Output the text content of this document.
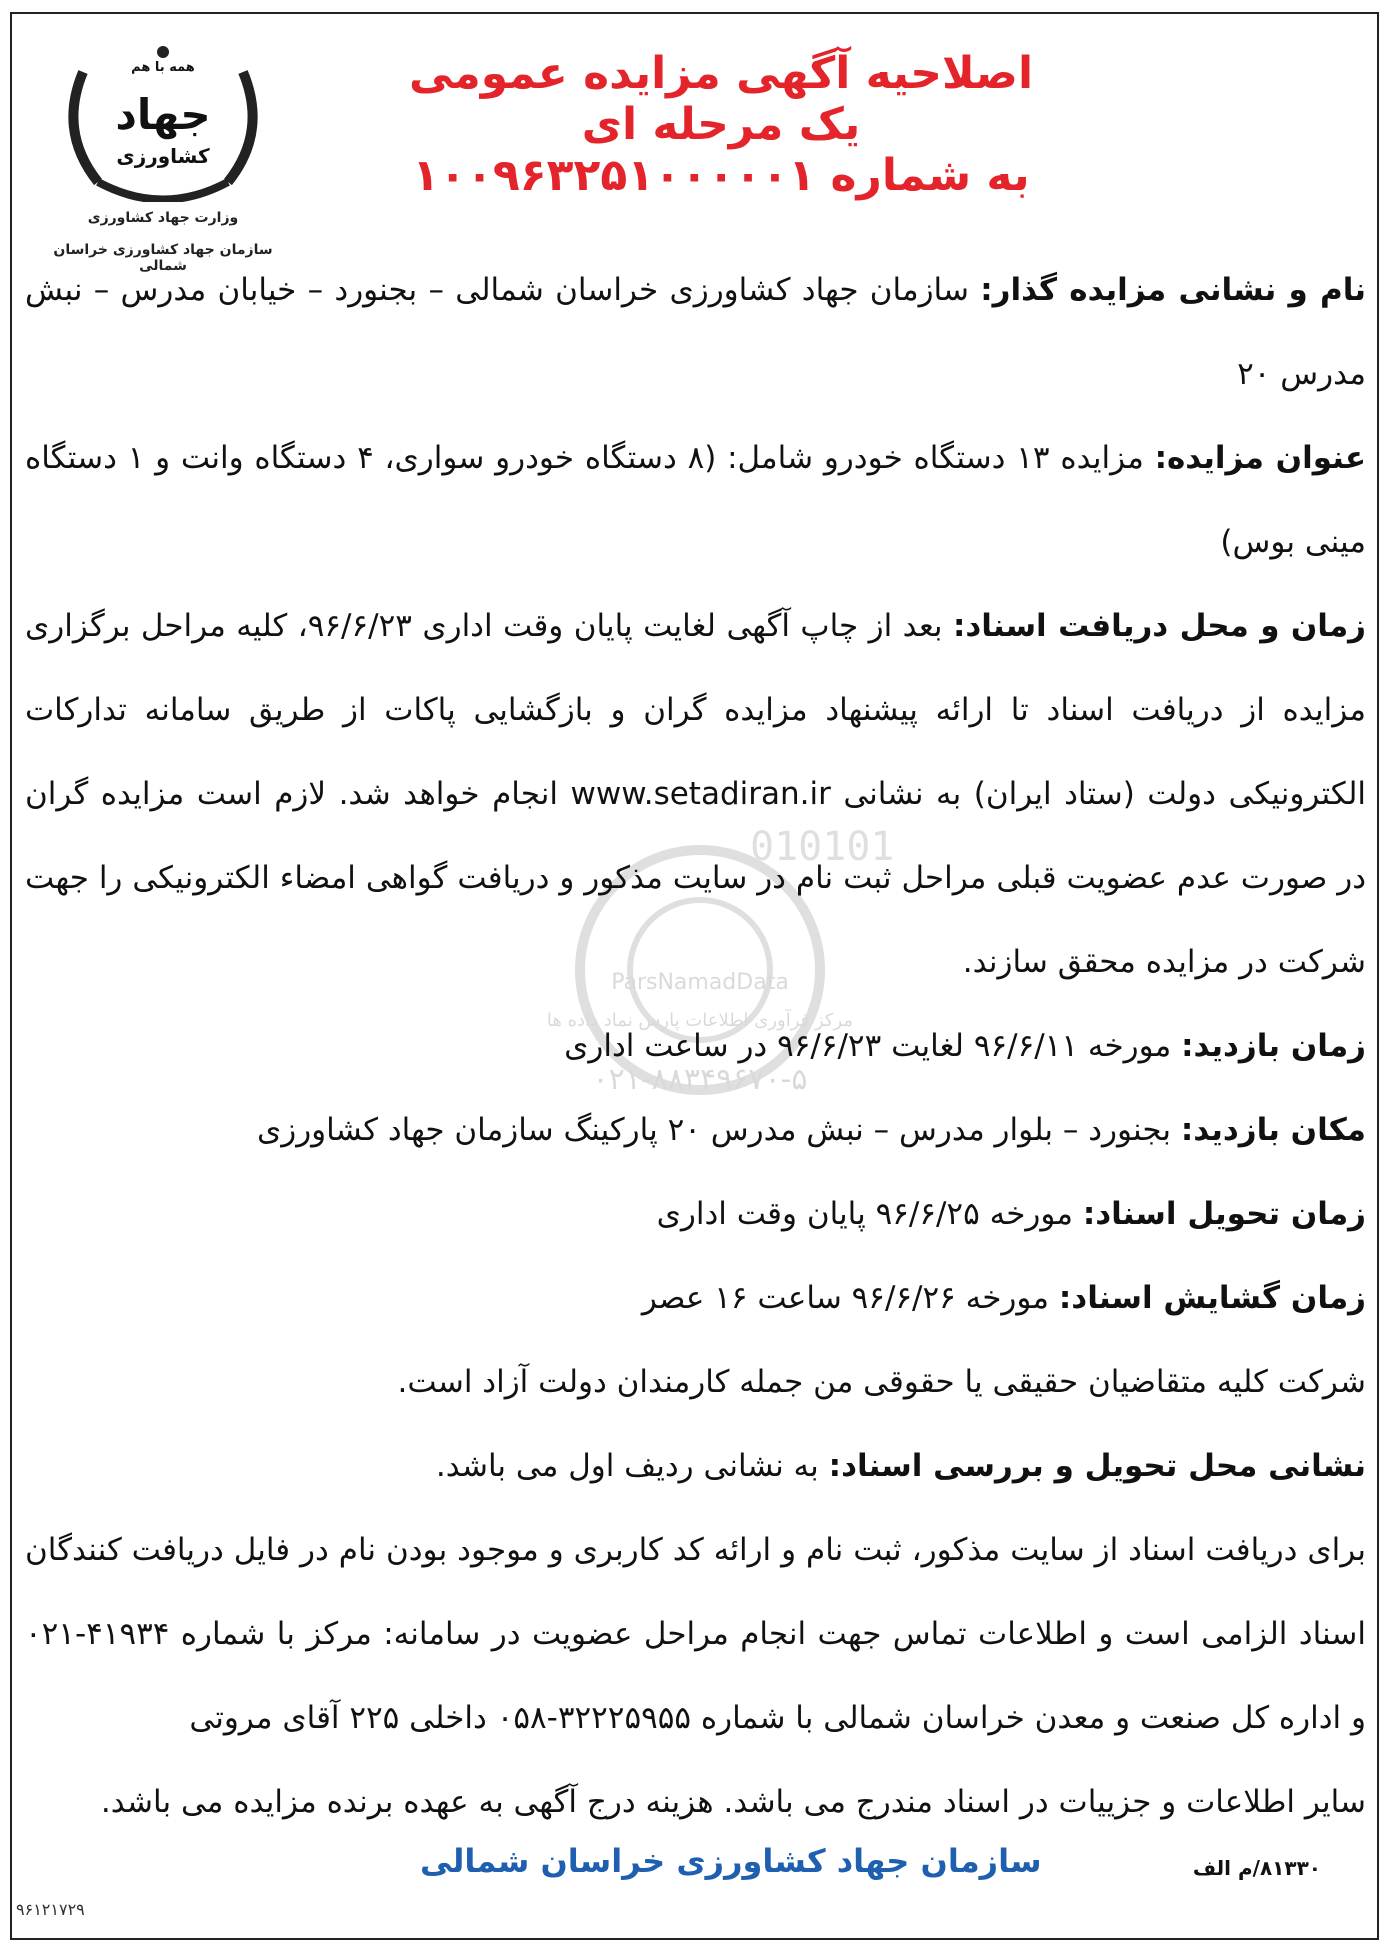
همه با هم
جهاد
کشاورزی
وزارت جهاد کشاورزی
سازمان جهاد کشاورزی خراسان شمالی
اصلاحیه آگهی مزایده عمومی یک مرحله ای
به شماره ۱۰۰۹۶۳۲۵۱۰۰۰۰۰۱
010101
ParsNamadData
مرکز فرآوری اطلاعات پارس نماد داده ها
۰۲۱-۸۸۳۴۹۶۷۰-۵

نام و نشانی مزایده گذار: سازمان جهاد کشاورزی خراسان شمالی – بجنورد – خیابان مدرس – نبش مدرس ۲۰

عنوان مزایده: مزایده ۱۳ دستگاه خودرو شامل: (۸ دستگاه خودرو سواری، ۴ دستگاه وانت و ۱ دستگاه مینی بوس)

زمان و محل دریافت اسناد: بعد از چاپ آگهی لغایت پایان وقت اداری ۹۶/۶/۲۳، کلیه مراحل برگزاری مزایده از دریافت اسناد تا ارائه پیشنهاد مزایده گران و بازگشایی پاکات از طریق سامانه تدارکات الکترونیکی دولت (ستاد ایران) به نشانی www.setadiran.ir انجام خواهد شد. لازم است مزایده گران در صورت عدم عضویت قبلی مراحل ثبت نام در سایت مذکور و دریافت گواهی امضاء الکترونیکی را جهت شرکت در مزایده محقق سازند.

زمان بازدید: مورخه ۹۶/۶/۱۱ لغایت ۹۶/۶/۲۳ در ساعت اداری

مکان بازدید: بجنورد – بلوار مدرس – نبش مدرس ۲۰ پارکینگ سازمان جهاد کشاورزی

زمان تحویل اسناد: مورخه ۹۶/۶/۲۵ پایان وقت اداری

زمان گشایش اسناد: مورخه ۹۶/۶/۲۶ ساعت ۱۶ عصر

شرکت کلیه متقاضیان حقیقی یا حقوقی من جمله کارمندان دولت آزاد است.

نشانی محل تحویل و بررسی اسناد: به نشانی ردیف اول می باشد.

برای دریافت اسناد از سایت مذکور، ثبت نام و ارائه کد کاربری و موجود بودن نام در فایل دریافت کنندگان اسناد الزامی است و اطلاعات تماس جهت انجام مراحل عضویت در سامانه: مرکز با شماره ۴۱۹۳۴-۰۲۱ و اداره کل صنعت و معدن خراسان شمالی با شماره ۳۲۲۲۵۹۵۵-۰۵۸ داخلی ۲۲۵ آقای مروتی

سایر اطلاعات و جزییات در اسناد مندرج می باشد. هزینه درج آگهی به عهده برنده مزایده می باشد.

سازمان جهاد کشاورزی خراسان شمالی	۸۱۳۳۰/م الف
۹۶۱۲۱۷۲۹
